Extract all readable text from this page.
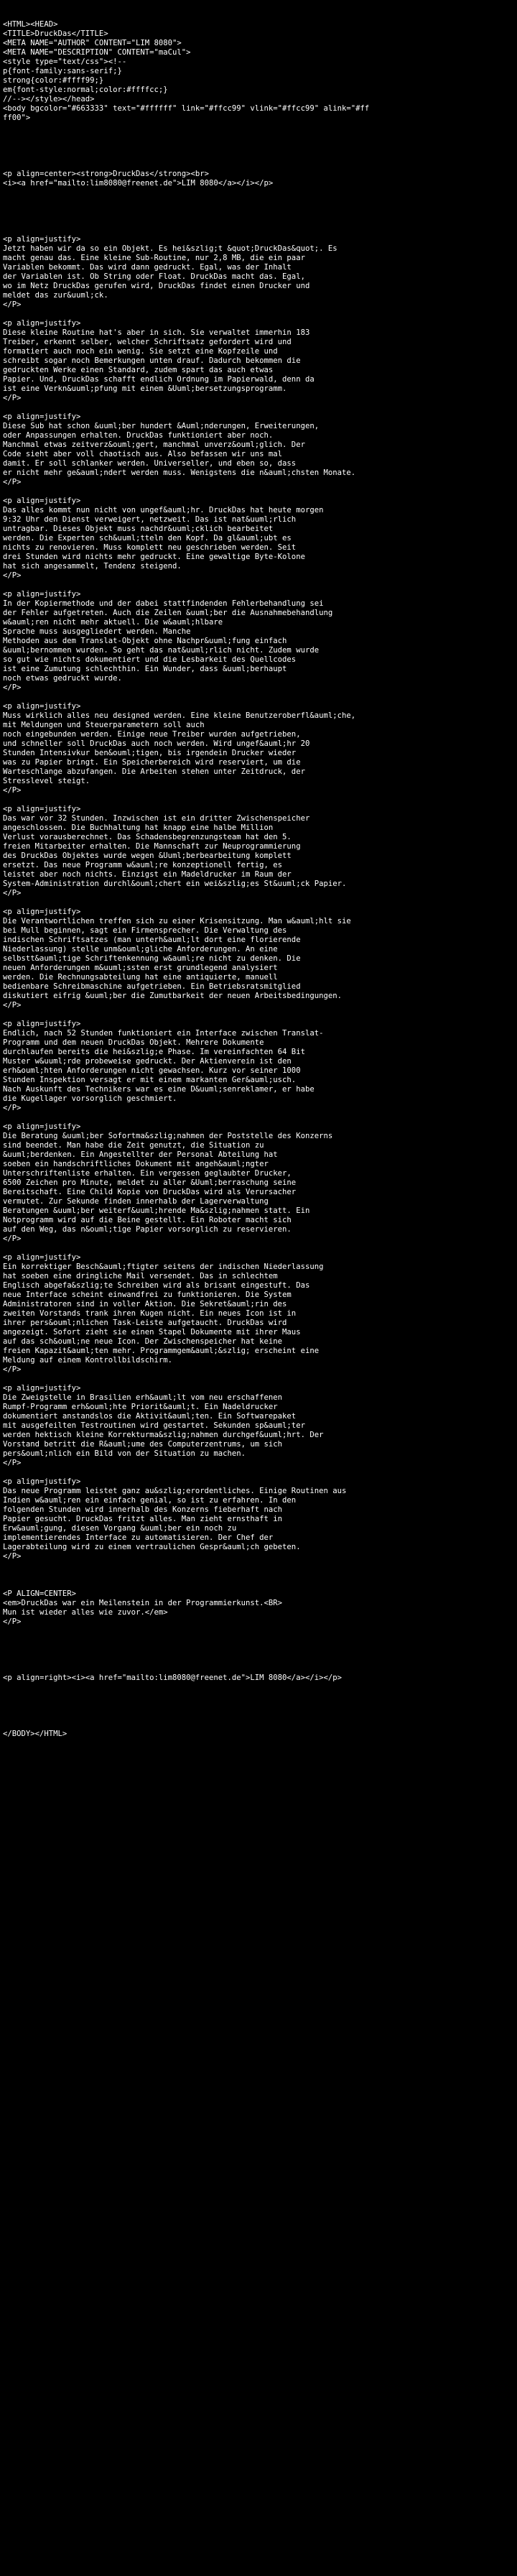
<HTML><HEAD>
<TITLE>DruckDas</TITLE>
<META NAME="AUTHOR" CONTENT="LIM 8080">
<META NAME="DESCRIPTION" CONTENT="maCul">
<style type="text/css"><!--
p{font-family:sans-serif;}
strong{color:#ffff99;}
em{font-style:normal;color:#ffffcc;}
//--></style></head>
<body bgcolor="#663333" text="#ffffff" link="#ffcc99" vlink="#ffcc99" alink="#ff
ff00">

<p align=center><strong>DruckDas</strong><br>
<i><a href="mailto:lim8080@freenet.de">LIM 8080</a></i></p>

<p align=justify>
Jetzt haben wir da so ein Objekt. Es hei&szlig;t &quot;DruckDas&quot;. Es
macht genau das. Eine kleine Sub-Routine, nur 2,8 MB, die ein paar
Variablen bekommt. Das wird dann gedruckt. Egal, was der Inhalt
der Variablen ist. Ob String oder Float. DruckDas macht das. Egal,
wo im Netz DruckDas gerufen wird, DruckDas findet einen Drucker und
meldet das zur&uuml;ck.
</P>
<p align=justify>
Diese kleine Routine hat's aber in sich. Sie verwaltet immerhin 183
Treiber, erkennt selber, welcher Schriftsatz gefordert wird und
formatiert auch noch ein wenig. Sie setzt eine Kopfzeile und
schreibt sogar noch Bemerkungen unten drauf. Dadurch bekommen die
gedruckten Werke einen Standard, zudem spart das auch etwas
Papier. Und, DruckDas schafft endlich Ordnung im Papierwald, denn da
ist eine Verkn&uuml;pfung mit einem &Uuml;bersetzungsprogramm.
</P>
<p align=justify>
Diese Sub hat schon &uuml;ber hundert &Auml;nderungen, Erweiterungen,
oder Anpassungen erhalten. DruckDas funktioniert aber noch.
Manchmal etwas zeitverz&ouml;gert, manchmal unverz&ouml;glich. Der
Code sieht aber voll chaotisch aus. Also befassen wir uns mal
damit. Er soll schlanker werden. Universeller, und eben so, dass
er nicht mehr ge&auml;ndert werden muss. Wenigstens die n&auml;chsten Monate.
</P>
<p align=justify>
Das alles kommt nun nicht von ungef&auml;hr. DruckDas hat heute morgen
9:32 Uhr den Dienst verweigert, netzweit. Das ist nat&uuml;rlich
untragbar. Dieses Objekt muss nachdr&uuml;cklich bearbeitet
werden. Die Experten sch&uuml;tteln den Kopf. Da gl&auml;ubt es
nichts zu renovieren. Muss komplett neu geschrieben werden. Seit
drei Stunden wird nichts mehr gedruckt. Eine gewaltige Byte-Kolone
hat sich angesammelt, Tendenz steigend.
</P>
<p align=justify>
In der Kopiermethode und der dabei stattfindenden Fehlerbehandlung sei
der Fehler aufgetreten. Auch die Zeilen &uuml;ber die Ausnahmebehandlung
w&auml;ren nicht mehr aktuell. Die w&auml;hlbare
Sprache muss ausgegliedert werden. Manche
Methoden aus dem Translat-Objekt ohne Nachpr&uuml;fung einfach
&uuml;bernommen wurden. So geht das nat&uuml;rlich nicht. Zudem wurde
so gut wie nichts dokumentiert und die Lesbarkeit des Quellcodes
ist eine Zumutung schlechthin. Ein Wunder, dass &uuml;berhaupt
noch etwas gedruckt wurde.
</P>
<p align=justify>
Muss wirklich alles neu designed werden. Eine kleine Benutzeroberfl&auml;che,
mit Meldungen und Steuerparametern soll auch
noch eingebunden werden. Einige neue Treiber wurden aufgetrieben,
und schneller soll DruckDas auch noch werden. Wird ungef&auml;hr 20
Stunden Intensivkur ben&ouml;tigen, bis irgendein Drucker wieder
was zu Papier bringt. Ein Speicherbereich wird reserviert, um die
Warteschlange abzufangen. Die Arbeiten stehen unter Zeitdruck, der
Stresslevel steigt.
</P>
<p align=justify>
Das war vor 32 Stunden. Inzwischen ist ein dritter Zwischenspeicher
angeschlossen. Die Buchhaltung hat knapp eine halbe Million
Verlust vorausberechnet. Das Schadensbegrenzungsteam hat den 5.
freien Mitarbeiter erhalten. Die Mannschaft zur Neuprogrammierung
des DruckDas Objektes wurde wegen &Uuml;berbearbeitung komplett
ersetzt. Das neue Programm w&auml;re konzeptionell fertig, es
leistet aber noch nichts. Einzigst ein Madeldrucker im Raum der
System-Administration durchl&ouml;chert ein wei&szlig;es St&uuml;ck Papier.
</P>
<p align=justify>
Die Verantwortlichen treffen sich zu einer Krisensitzung. Man w&auml;hlt sie
bei Mull beginnen, sagt ein Firmensprecher. Die Verwaltung des
indischen Schriftsatzes (man unterh&auml;lt dort eine florierende
Niederlassung) stelle unm&ouml;gliche Anforderungen. An eine
selbstt&auml;tige Schriftenkennung w&auml;re nicht zu denken. Die
neuen Anforderungen m&uuml;ssten erst grundlegend analysiert
werden. Die Rechnungsabteilung hat eine antiquierte, manuell
bedienbare Schreibmaschine aufgetrieben. Ein Betriebsratsmitglied
diskutiert eifrig &uuml;ber die Zumutbarkeit der neuen Arbeitsbedingungen.
</P>
<p align=justify>
Endlich, nach 52 Stunden funktioniert ein Interface zwischen Translat-
Programm und dem neuen DruckDas Objekt. Mehrere Dokumente
durchlaufen bereits die hei&szlig;e Phase. Im vereinfachten 64 Bit
Muster w&uuml;rde probeweise gedruckt. Der Aktienverein ist den
erh&ouml;hten Anforderungen nicht gewachsen. Kurz vor seiner 1000
Stunden Inspektion versagt er mit einem markanten Ger&auml;usch.
Nach Auskunft des Technikers war es eine D&uuml;senreklamer, er habe
die Kugellager vorsorglich geschmiert.
</P>
<p align=justify>
Die Beratung &uuml;ber Sofortma&szlig;nahmen der Poststelle des Konzerns
sind beendet. Man habe die Zeit genutzt, die Situation zu
&uuml;berdenken. Ein Angestellter der Personal Abteilung hat
soeben ein handschriftliches Dokument mit angeh&auml;ngter
Unterschriftenliste erhalten. Ein vergessen geglaubter Drucker,
6500 Zeichen pro Minute, meldet zu aller &Uuml;berraschung seine
Bereitschaft. Eine Child Kopie von DruckDas wird als Verursacher
vermutet. Zur Sekunde finden innerhalb der Lagerverwaltung
Beratungen &uuml;ber weiterf&uuml;hrende Ma&szlig;nahmen statt. Ein
Notprogramm wird auf die Beine gestellt. Ein Roboter macht sich
auf den Weg, das n&ouml;tige Papier vorsorglich zu reservieren.
</P>
<p align=justify>
Ein korrektiger Besch&auml;ftigter seitens der indischen Niederlassung
hat soeben eine dringliche Mail versendet. Das in schlechtem
Englisch abgefa&szlig;te Schreiben wird als brisant eingestuft. Das
neue Interface scheint einwandfrei zu funktionieren. Die System
Administratoren sind in voller Aktion. Die Sekret&auml;rin des
zweiten Vorstands trank ihren Kugen nicht. Ein neues Icon ist in
ihrer pers&ouml;nlichen Task-Leiste aufgetaucht. DruckDas wird
angezeigt. Sofort zieht sie einen Stapel Dokumente mit ihrer Maus
auf das sch&ouml;ne neue Icon. Der Zwischenspeicher hat keine
freien Kapazit&auml;ten mehr. Programmgem&auml;&szlig; erscheint eine
Meldung auf einem Kontrollbildschirm.
</P>
<p align=justify>
Die Zweigstelle in Brasilien erh&auml;lt vom neu erschaffenen
Rumpf-Programm erh&ouml;hte Priorit&auml;t. Ein Nadeldrucker
dokumentiert anstandslos die Aktivit&auml;ten. Ein Softwarepaket
mit ausgefeilten Testroutinen wird gestartet. Sekunden sp&auml;ter
werden hektisch kleine Korrekturma&szlig;nahmen durchgef&uuml;hrt. Der
Vorstand betritt die R&auml;ume des Computerzentrums, um sich
pers&ouml;nlich ein Bild von der Situation zu machen.
</P>
<p align=justify>
Das neue Programm leistet ganz au&szlig;erordentliches. Einige Routinen aus
Indien w&auml;ren ein einfach genial, so ist zu erfahren. In den
folgenden Stunden wird innerhalb des Konzerns fieberhaft nach
Papier gesucht. DruckDas fritzt alles. Man zieht ernsthaft in
Erw&auml;gung, diesen Vorgang &uuml;ber ein noch zu
implementierendes Interface zu automatisieren. Der Chef der
Lagerabteilung wird zu einem vertraulichen Gespr&auml;ch gebeten.
</P>

<P ALIGN=CENTER>
<em>DruckDas war ein Meilenstein in der Programmierkunst.<BR>
Mun ist wieder alles wie zuvor.</em>
</P>

<p align=right><i><a href="mailto:lim8080@freenet.de">LIM 8080</a></i></p>

</BODY></HTML>
